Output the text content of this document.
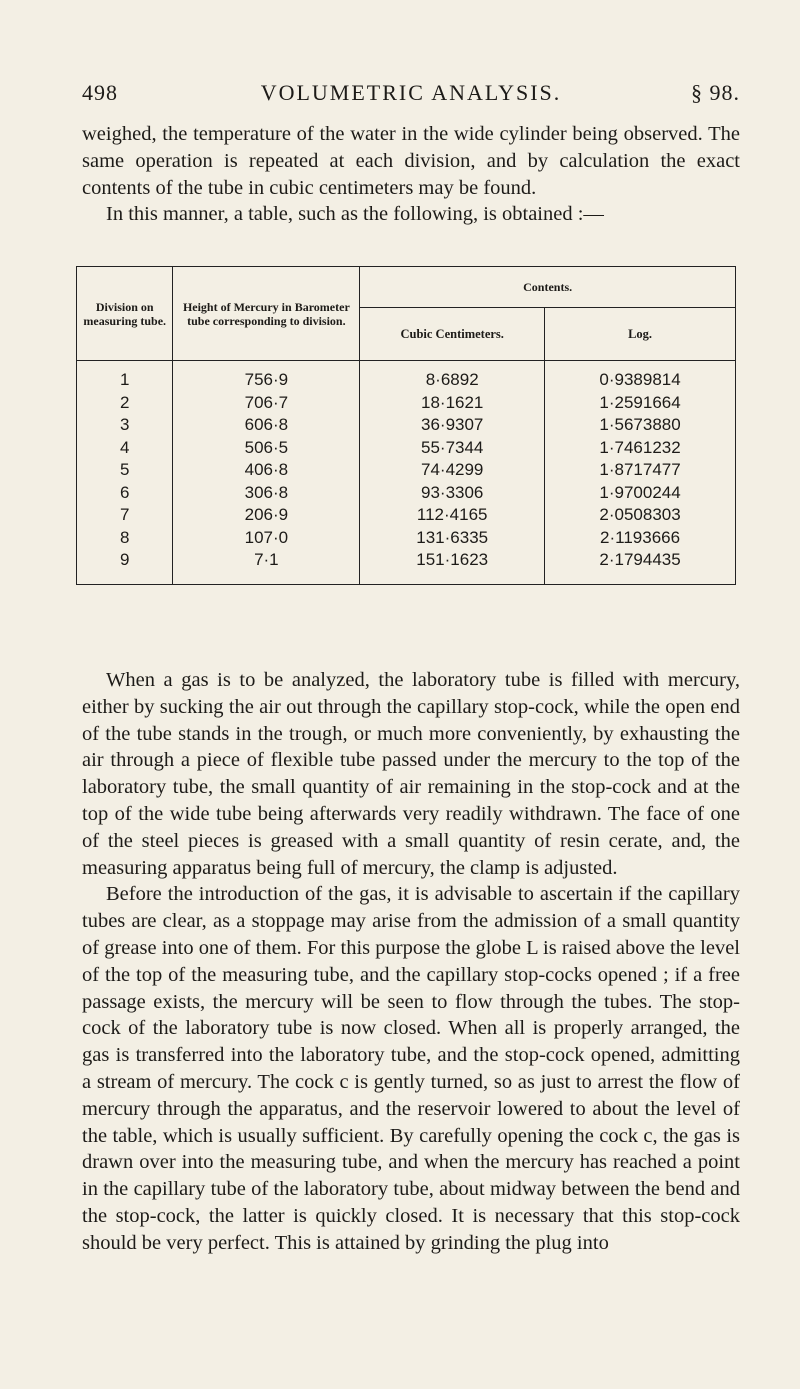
498	VOLUMETRIC ANALYSIS.	§ 98.

weighed, the temperature of the water in the wide cylinder being observed. The same operation is repeated at each division, and by calculation the exact contents of the tube in cubic centimeters may be found.

In this manner, a table, such as the following, is obtained :—

Division on measuring tube.	Height of Mercury in Barometer tube corresponding to division.	Contents.	
		Cubic Centimeters.	Log.
1	756·9	8·6892	0·9389814
2	706·7	18·1621	1·2591664
3	606·8	36·9307	1·5673880
4	506·5	55·7344	1·7461232
5	406·8	74·4299	1·8717477
6	306·8	93·3306	1·9700244
7	206·9	112·4165	2·0508303
8	107·0	131·6335	2·1193666
9	7·1	151·1623	2·1794435

When a gas is to be analyzed, the laboratory tube is filled with mercury, either by sucking the air out through the capillary stop-cock, while the open end of the tube stands in the trough, or much more conveniently, by exhausting the air through a piece of flexible tube passed under the mercury to the top of the laboratory tube, the small quantity of air remaining in the stop-cock and at the top of the wide tube being afterwards very readily withdrawn. The face of one of the steel pieces is greased with a small quantity of resin cerate, and, the measuring apparatus being full of mercury, the clamp is adjusted.

Before the introduction of the gas, it is advisable to ascertain if the capillary tubes are clear, as a stoppage may arise from the admission of a small quantity of grease into one of them. For this purpose the globe L is raised above the level of the top of the measuring tube, and the capillary stop-cocks opened ; if a free passage exists, the mercury will be seen to flow through the tubes. The stop-cock of the laboratory tube is now closed. When all is properly arranged, the gas is transferred into the laboratory tube, and the stop-cock opened, admitting a stream of mercury. The cock c is gently turned, so as just to arrest the flow of mercury through the apparatus, and the reservoir lowered to about the level of the table, which is usually sufficient. By carefully opening the cock c, the gas is drawn over into the measuring tube, and when the mercury has reached a point in the capillary tube of the laboratory tube, about midway between the bend and the stop-cock, the latter is quickly closed. It is necessary that this stop-cock should be very perfect. This is attained by grinding the plug into
